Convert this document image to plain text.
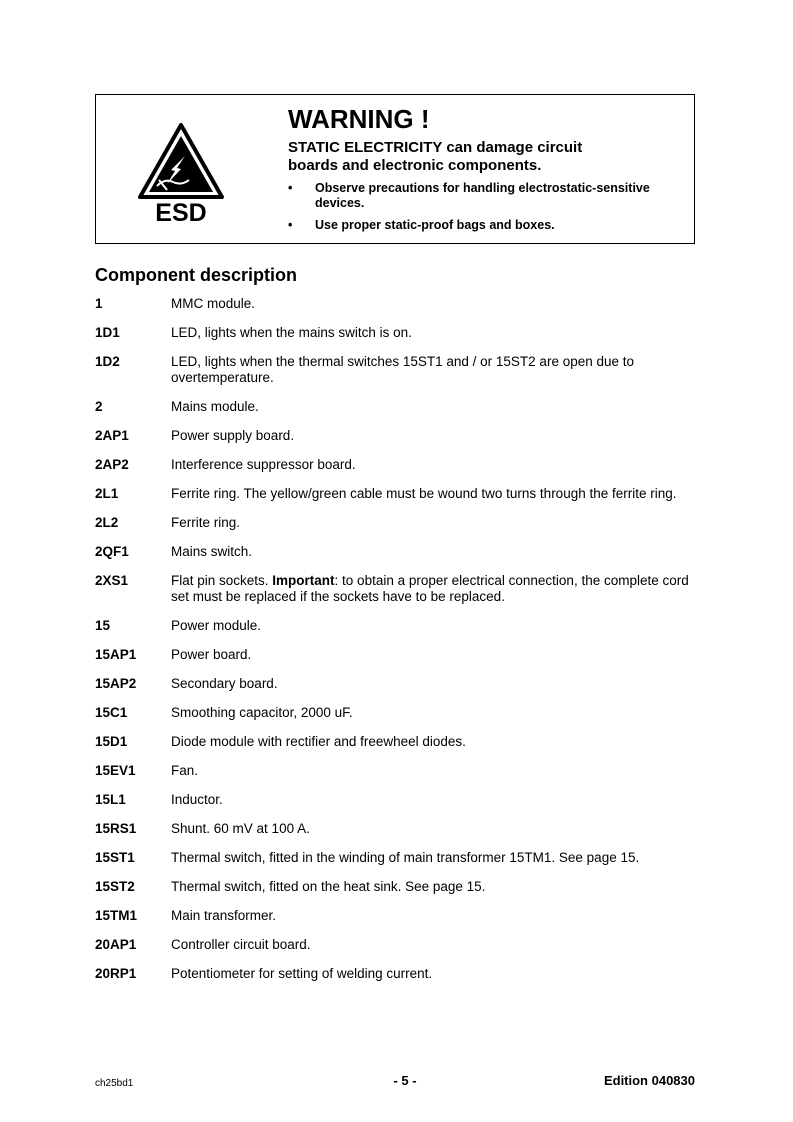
ESD
WARNING !
STATIC ELECTRICITY can damage circuit boards and electronic components.
• Observe precautions for handling electrostatic-sensitive devices.
• Use proper static-proof bags and boxes.
Component description
1	MMC module.
1D1	LED, lights when the mains switch is on.
1D2	LED, lights when the thermal switches 15ST1 and / or 15ST2 are open due to overtemperature.
2	Mains module.
2AP1	Power supply board.
2AP2	Interference suppressor board.
2L1	Ferrite ring. The yellow/green cable must be wound two turns through the ferrite ring.
2L2	Ferrite ring.
2QF1	Mains switch.
2XS1	Flat pin sockets. Important: to obtain a proper electrical connection, the complete cord set must be replaced if the sockets have to be replaced.
15	Power module.
15AP1	Power board.
15AP2	Secondary board.
15C1	Smoothing capacitor, 2000 uF.
15D1	Diode module with rectifier and freewheel diodes.
15EV1	Fan.
15L1	Inductor.
15RS1	Shunt. 60 mV at 100 A.
15ST1	Thermal switch, fitted in the winding of main transformer 15TM1. See page 15.
15ST2	Thermal switch, fitted on the heat sink. See page 15.
15TM1	Main transformer.
20AP1	Controller circuit board.
20RP1	Potentiometer for setting of welding current.
ch25bd1	- 5 -	Edition 040830
